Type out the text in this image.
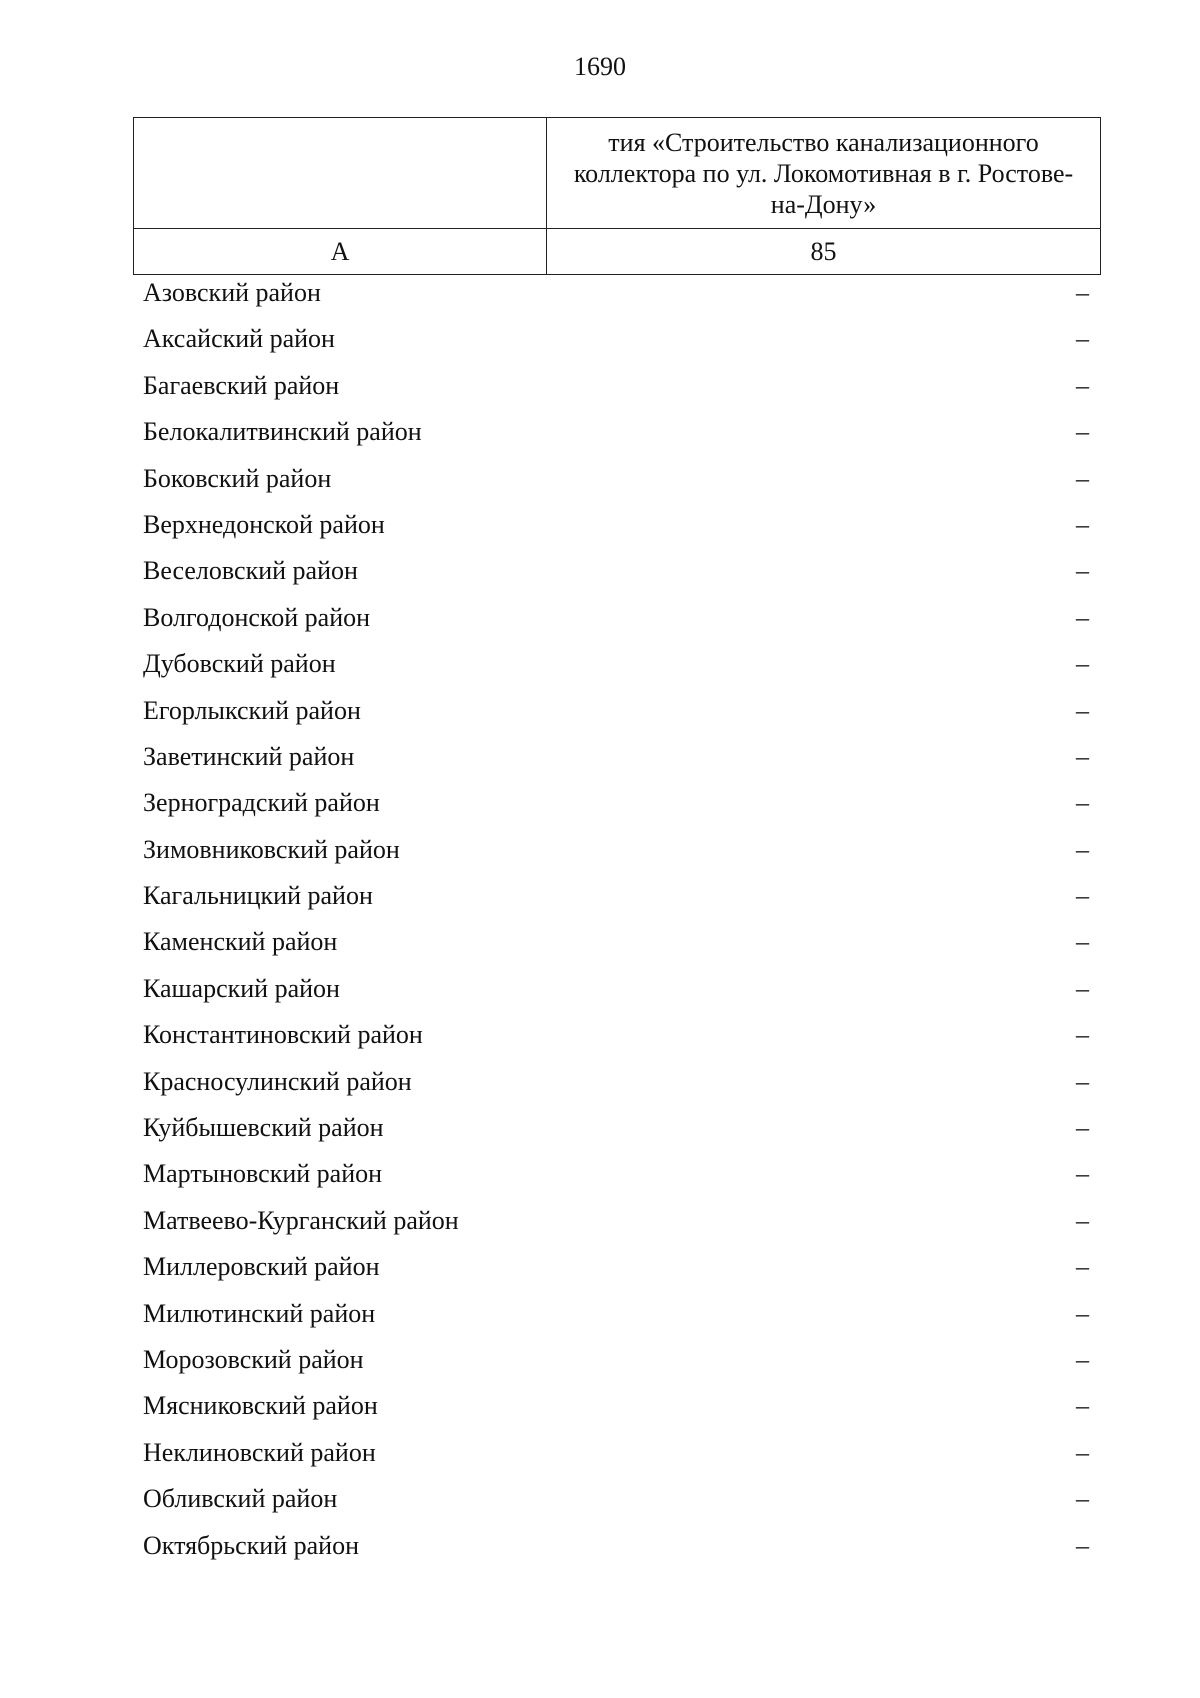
1690
	тия «Строительство канализационного коллектора по ул. Локомотивная в г. Ростове-на-Дону»
А	85
Азовский район	–
Аксайский район	–
Багаевский район	–
Белокалитвинский район	–
Боковский район	–
Верхнедонской район	–
Веселовский район	–
Волгодонской район	–
Дубовский район	–
Егорлыкский район	–
Заветинский район	–
Зерноградский район	–
Зимовниковский район	–
Кагальницкий район	–
Каменский район	–
Кашарский район	–
Константиновский район	–
Красносулинский район	–
Куйбышевский район	–
Мартыновский район	–
Матвеево-Курганский район	–
Миллеровский район	–
Милютинский район	–
Морозовский район	–
Мясниковский район	–
Неклиновский район	–
Обливский район	–
Октябрьский район	–
